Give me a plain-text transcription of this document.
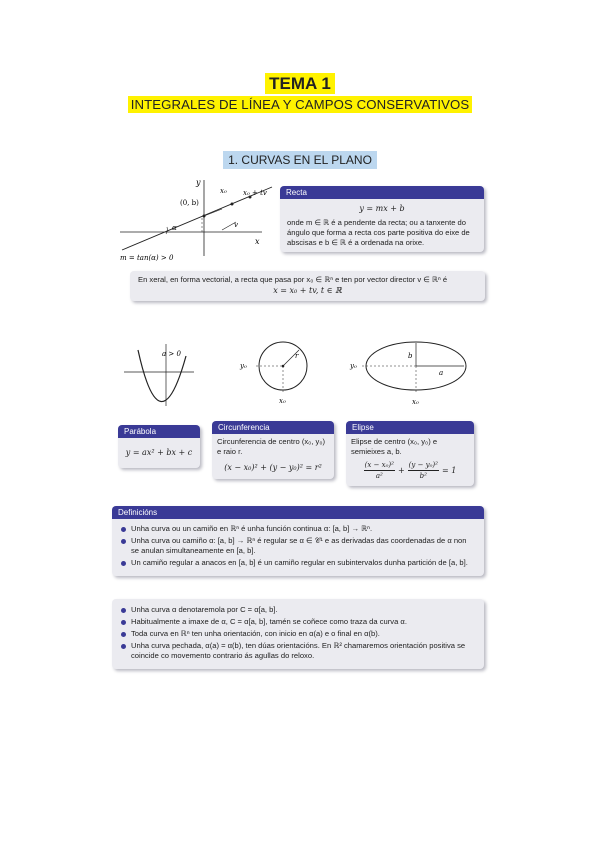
TEMA 1
INTEGRALES DE LÍNEA Y CAMPOS CONSERVATIVOS
1. CURVAS EN EL PLANO
x
y
(0, b)
x₀ x₀ + tv
v
α
m = tan(α) > 0
Recta
y = mx + b
onde m ∈ ℝ é a pendente da recta; ou a tanxente do ángulo que forma a recta cos parte positiva do eixe de abscisas e b ∈ ℝ é a ordenada na orixe.
En xeral, en forma vectorial, a recta que pasa por x₀ ∈ ℝⁿ e ten por vector director v ∈ ℝⁿ é
x = x₀ + tv, t ∈ ℝ
a > 0	r
y₀
x₀
b
a
y₀
x₀
Parábola
y = ax² + bx + c
Circunferencia
Circunferencia de centro (x₀, y₀) e raio r.
(x − x₀)² + (y − y₀)² = r²
Elipse
Elipse de centro (x₀, y₀) e semieixes a, b.
(x − x₀)²
a²
+ $\frac{\text{(y − y₀)²}}{\text{b²}} = 1$
Definicións
Unha curva ou un camiño en ℝⁿ é unha función continua α: [a, b] → ℝⁿ.
Unha curva ou camiño α: [a, b] → ℝⁿ é regular se α ∈ 𝒞¹ e as derivadas das coordenadas de α non se anulan simultaneamente en [a, b].
Un camiño regular a anacos en [a, b] é un camiño regular en subintervalos dunha partición de [a, b].
Unha curva α denotaremola por C = α[a, b].
Habitualmente a imaxe de α, C = α[a, b], tamén se coñece como traza da curva α.
Toda curva en ℝⁿ ten unha orientación, con inicio en α(a) e o final en α(b).
Unha curva pechada, α(a) = α(b), ten dúas orientacións. En ℝ² chamaremos orientación positiva se coincide co movemento contrario ás agullas do reloxo.
